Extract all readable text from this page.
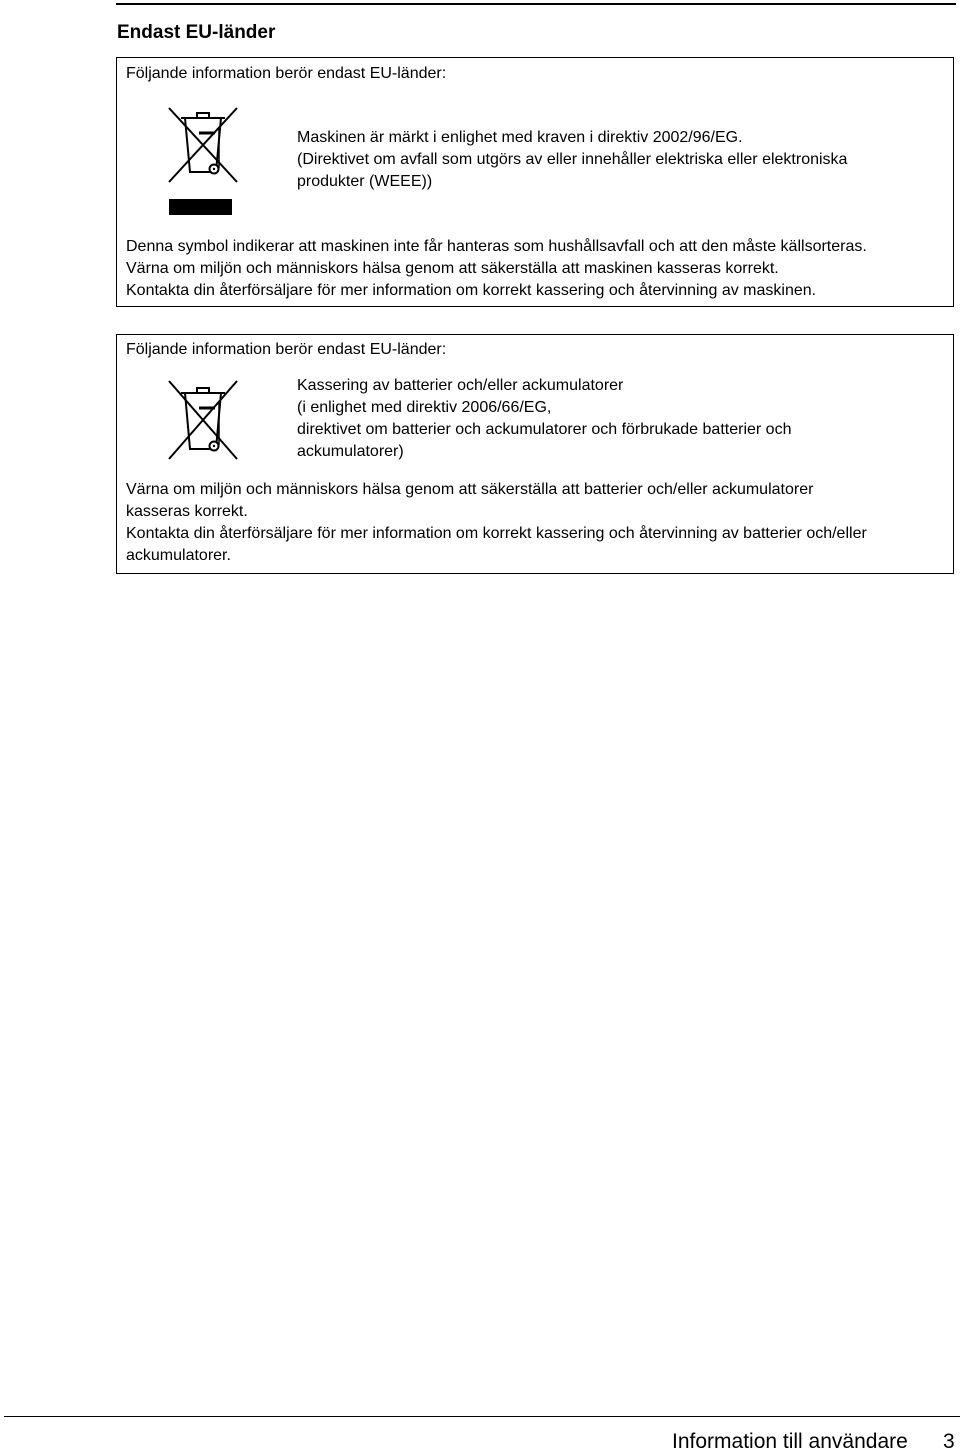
Endast EU-länder
Följande information berör endast EU-länder:
Maskinen är märkt i enlighet med kraven i direktiv 2002/96/EG.
(Direktivet om avfall som utgörs av eller innehåller elektriska eller elektroniska
produkter (WEEE))
Denna symbol indikerar att maskinen inte får hanteras som hushållsavfall och att den måste källsorteras.
Värna om miljön och människors hälsa genom att säkerställa att maskinen kasseras korrekt.
Kontakta din återförsäljare för mer information om korrekt kassering och återvinning av maskinen.
Följande information berör endast EU-länder:
Kassering av batterier och/eller ackumulatorer
(i enlighet med direktiv 2006/66/EG,
direktivet om batterier och ackumulatorer och förbrukade batterier och
ackumulatorer)
Värna om miljön och människors hälsa genom att säkerställa att batterier och/eller ackumulatorer
kasseras korrekt.
Kontakta din återförsäljare för mer information om korrekt kassering och återvinning av batterier och/eller
ackumulatorer.
Information till användare 3
